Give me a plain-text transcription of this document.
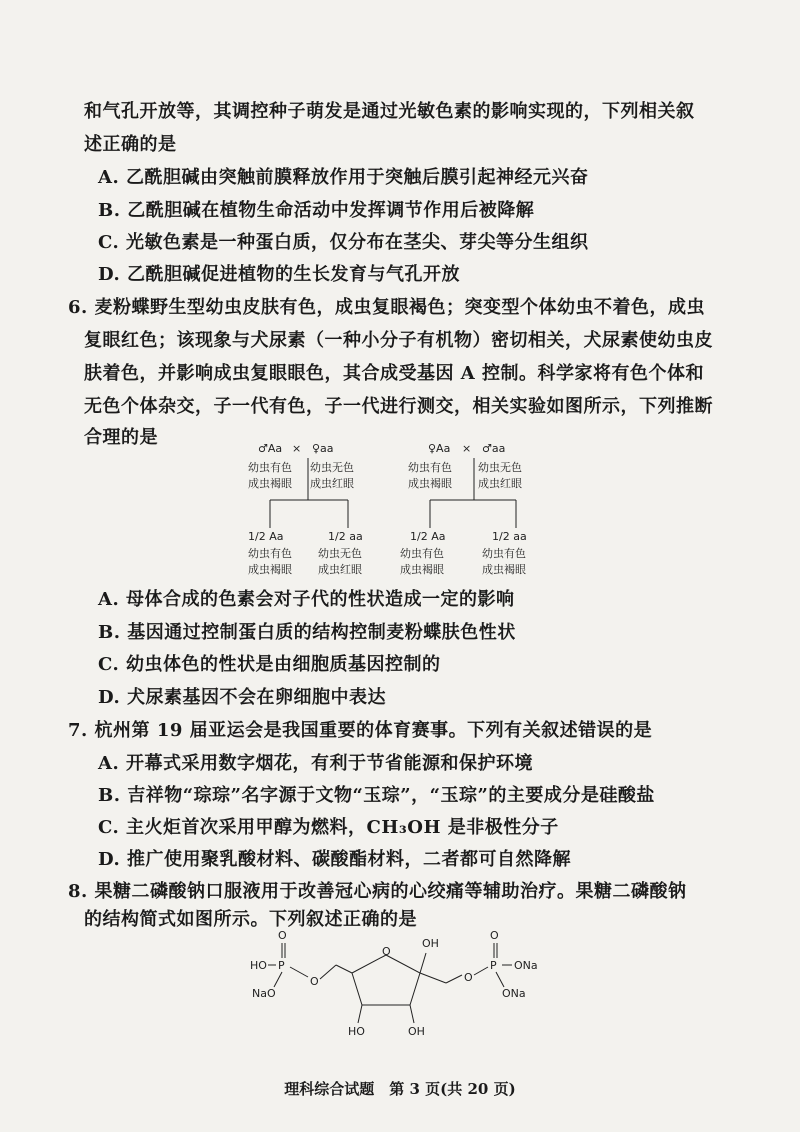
和气孔开放等，其调控种子萌发是通过光敏色素的影响实现的，下列相关叙
述正确的是
A. 乙酰胆碱由突触前膜释放作用于突触后膜引起神经元兴奋
B. 乙酰胆碱在植物生命活动中发挥调节作用后被降解
C. 光敏色素是一种蛋白质，仅分布在茎尖、芽尖等分生组织
D. 乙酰胆碱促进植物的生长发育与气孔开放
6. 麦粉蝶野生型幼虫皮肤有色，成虫复眼褐色；突变型个体幼虫不着色，成虫
复眼红色；该现象与犬尿素（一种小分子有机物）密切相关，犬尿素使幼虫皮
肤着色，并影响成虫复眼眼色，其合成受基因 A 控制。科学家将有色个体和
无色个体杂交，子一代有色，子一代进行测交，相关实验如图所示，下列推断
合理的是
♂Aa × ♀aa
幼虫有色
成虫褐眼
幼虫无色
成虫红眼
1/2 Aa	1/2 aa
幼虫有色
成虫褐眼
幼虫无色
成虫红眼
♀Aa × ♂aa
幼虫有色
成虫褐眼
幼虫无色
成虫红眼
1/2 Aa	1/2 aa
幼虫有色
成虫褐眼
幼虫有色
成虫褐眼
A. 母体合成的色素会对子代的性状造成一定的影响
B. 基因通过控制蛋白质的结构控制麦粉蝶肤色性状
C. 幼虫体色的性状是由细胞质基因控制的
D. 犬尿素基因不会在卵细胞中表达
7. 杭州第 19 届亚运会是我国重要的体育赛事。下列有关叙述错误的是
A. 开幕式采用数字烟花，有利于节省能源和保护环境
B. 吉祥物“琮琮”名字源于文物“玉琮”，“玉琮”的主要成分是硅酸盐
C. 主火炬首次采用甲醇为燃料，CH₃OH 是非极性分子
D. 推广使用聚乳酸材料、碳酸酯材料，二者都可自然降解
8. 果糖二磷酸钠口服液用于改善冠心病的心绞痛等辅助治疗。果糖二磷酸钠
的结构简式如图所示。下列叙述正确的是
O
HO P
NaO
O
O
OH
O
P
O
ONa
ONa
HO	OH
理科综合试题　第 3 页(共 20 页)
